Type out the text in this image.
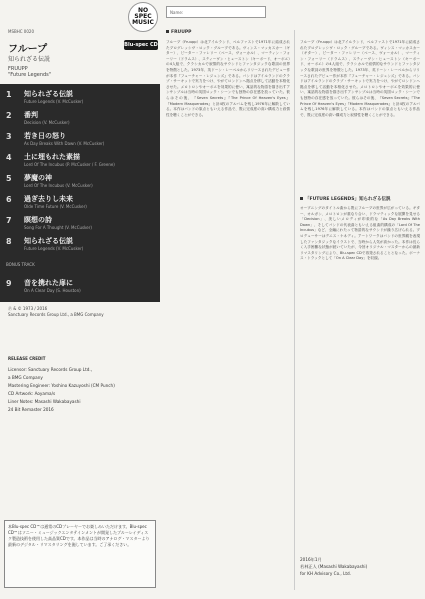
NO SPEC MUSIC
MSBHC 0020
Blu-spec CD
フループ
知られざる伝説
FRUUPP
"Future Legends"
1 知られざる伝説
Future Legends (V. McCusker)
2 番判
Decision (V. McCusker)
3 若き日の怒り
As Day Breaks With Dawn (V. McCusker)
4 土に埋もれた素描
Lord Of The Incubus (P. McCusker / F. Greene)
5 夢魔の神
Lord Of The Incubus (V. McCusker)
6 過ぎ去りし未来
Olde Time Future (V. McCusker)
7 瞑想の詩
Song For A Thought (V. McCusker)
8 知られざる伝説
Future Legends (V. McCusker)
BONUS TRACK
9 音を携れた扉に
On A Clear Day (S. Houston)
Ⓟ & © 1973 / 2016
Sanctuary Records Group Ltd., a BMG Company
RELEASE CREDIT
Licensor: Sanctuary Records Group Ltd.,
a BMG Company
Mastering Engineer: Yoshino Kazuyoshi (CM Punch)
CD Artwork: Aoyama/s
Liner Notes: Masashi Wakabayashi
24 Bit Remaster 2016
本Blu-spec CD™は通常のCDプレーヤーでお楽しみいただけます。Blu-spec CD™はソニー・ミュージックエンタテインメントが開発したブルーレイディスク製造技術を使用した高品質CDです。本作品は当時のアナログ・マスターより最新のデジタル・リマスタリングを施しています。ご了承ください。
Name:
FRUUPP
フループ（Fruupp）は北アイルランド、ベルファストで1971年に結成されたプログレッシヴ・ロック・グループである。ヴィンス・マッカスカー（ギター）、ピーター・ファレリー（ベース、ヴォーカル）、マーティン・フォーリー（ドラムス）、スティーヴン・ヒューストン（キーボード、オーボエ）の4人組で、クラシカルで叙情的なサウンドとファンタジックな歌詞の世界を特徴とした。1973年、英ドーン・レーベルからリリースされたデビュー作が本作『フューチャー・レジェンズ』である。バンドはアイルランドのクラブ・サーキットで実力をつけ、やがてロンドンへ拠点を移して活動を本格化させた。メロトロンやオーボエを効果的に使い、寓話的な物語を描き出すアンサンブルは当時の英国ロック・シーンでも独特の存在感を放っていた。彼らはその後、『Seven Secrets』『The Prince Of Heaven's Eyes』『Modern Masquerades』と計4枚のアルバムを残し1976年に解散している。本作はバンドの原点ともいえる作品で、既に完成度の高い構成力と叙情性を聴くことができる。
フループ（Fruupp）は北アイルランド、ベルファストで1971年に結成されたプログレッシヴ・ロック・グループである。ヴィンス・マッカスカー（ギター）、ピーター・ファレリー（ベース、ヴォーカル）、マーティン・フォーリー（ドラムス）、スティーヴン・ヒューストン（キーボード、オーボエ）の4人組で、クラシカルで叙情的なサウンドとファンタジックな歌詞の世界を特徴とした。1973年、英ドーン・レーベルからリリースされたデビュー作が本作『フューチャー・レジェンズ』である。バンドはアイルランドのクラブ・サーキットで実力をつけ、やがてロンドンへ拠点を移して活動を本格化させた。メロトロンやオーボエを効果的に使い、寓話的な物語を描き出すアンサンブルは当時の英国ロック・シーンでも独特の存在感を放っていた。彼らはその後、『Seven Secrets』『The Prince Of Heaven's Eyes』『Modern Masquerades』と計4枚のアルバムを残し1976年に解散している。本作はバンドの原点ともいえる作品で、既に完成度の高い構成力と叙情性を聴くことができる。
「FUTURE LEGENDS」知られざる伝説
オープニングのタイトル曲から既にフループの世界が広がっている。ギター、オルガン、メロトロンが重なり合い、ドラマティックな展開を見せる「Decision」、美しいメロディが印象的な「As Day Breaks With Dawn」、そしてバンドの代表曲ともいえる組曲的構成の「Lord Of The Incubus」など、全編にわたって物語的なサウンドが繰り広げられる。プロデューサーはデニス・ケネディ。アートワークはバンドの世界観を表現したファンタジックなイラストで、当時から人気が高かった。本作は長らく入手困難な状態が続いていたが、今回オリジナル・マスターからの最新リマスタリングにより、Blu-spec CDで再発されることとなった。ボーナス・トラックとして「On A Clear Day」を収録。
2016年1月
若林正人 (Masashi Wakabayashi)
for KH Advisory Co., Ltd.
